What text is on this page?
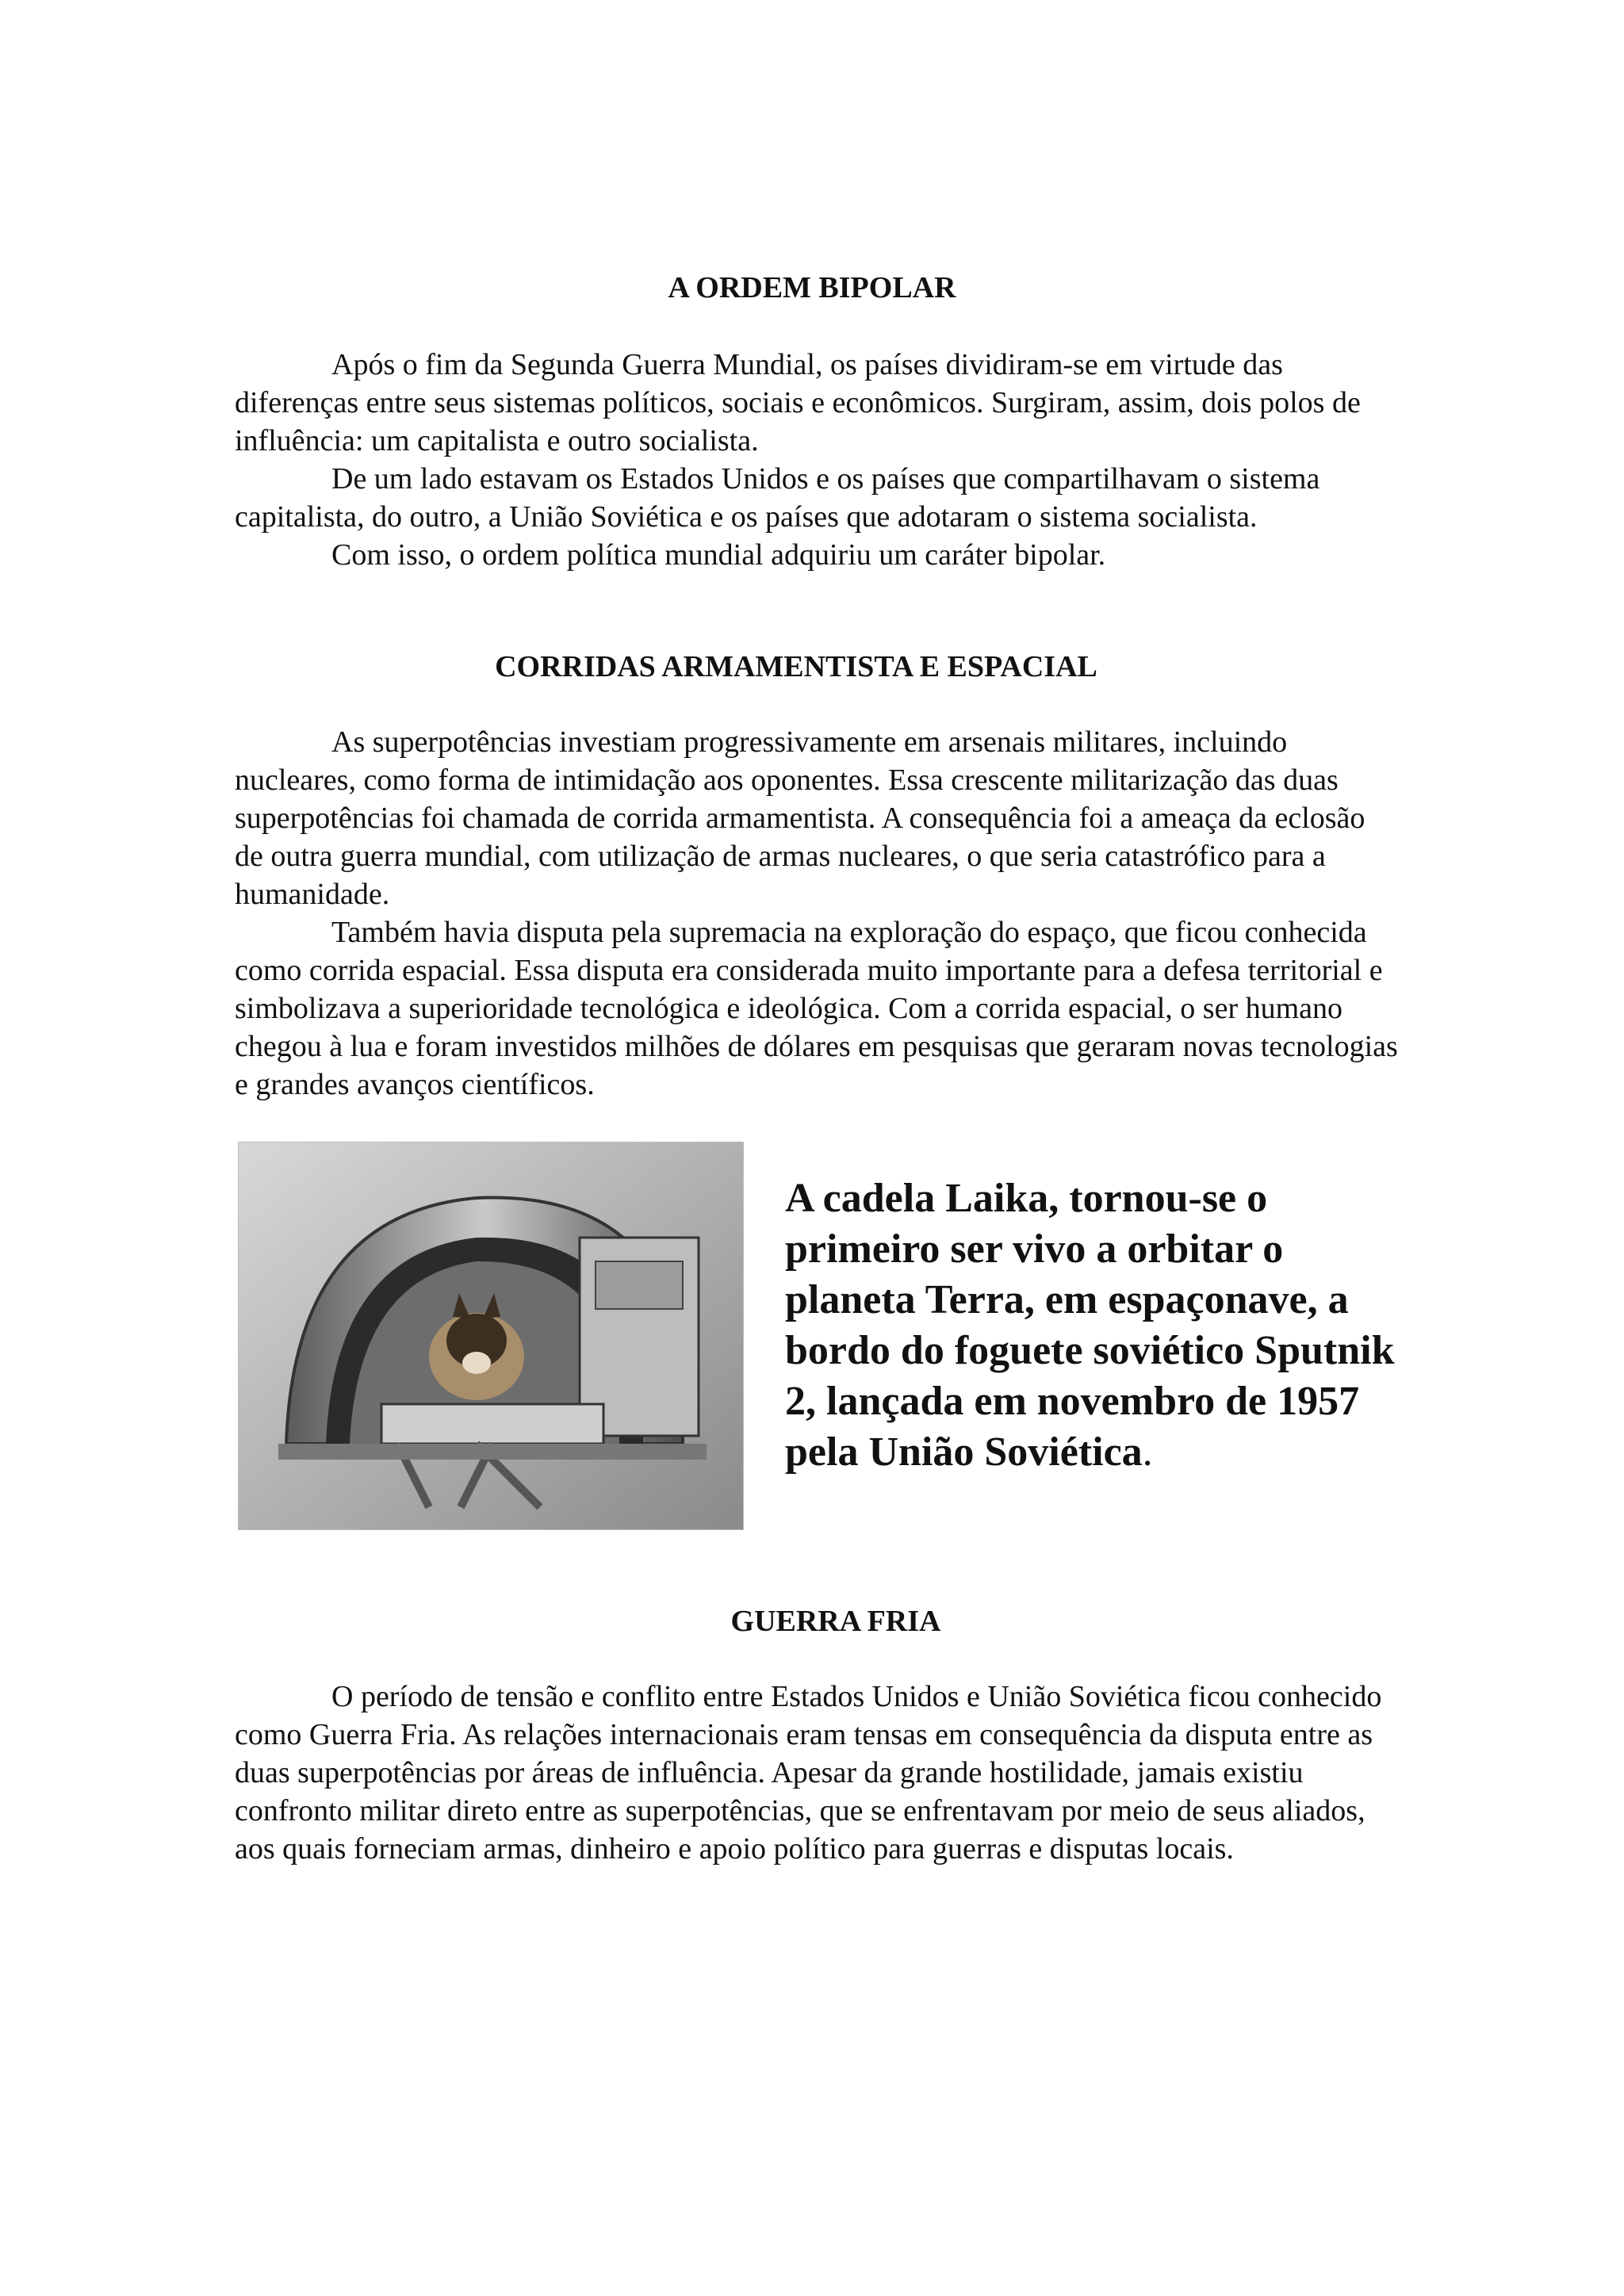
A ORDEM BIPOLAR

Após o fim da Segunda Guerra Mundial, os países dividiram-se em virtude das diferenças entre seus sistemas políticos, sociais e econômicos. Surgiram, assim, dois polos de influência: um capitalista e outro socialista.

De um lado estavam os Estados Unidos e os países que compartilhavam o sistema capitalista, do outro, a União Soviética e os países que adotaram o sistema socialista.

Com isso, o ordem política mundial adquiriu um caráter bipolar.

CORRIDAS ARMAMENTISTA E ESPACIAL

As superpotências investiam progressivamente em arsenais militares, incluindo nucleares, como forma de intimidação aos oponentes. Essa crescente militarização das duas superpotências foi chamada de corrida armamentista. A consequência foi a ameaça da eclosão de outra guerra mundial, com utilização de armas nucleares, o que seria catastrófico para a humanidade.

Também havia disputa pela supremacia na exploração do espaço, que ficou conhecida como corrida espacial. Essa disputa era considerada muito importante para a defesa territorial e simbolizava a superioridade tecnológica e ideológica. Com a corrida espacial, o ser humano chegou à lua e foram investidos milhões de dólares em pesquisas que geraram novas tecnologias e grandes avanços científicos.

A cadela Laika, tornou-se o primeiro ser vivo a orbitar o planeta Terra, em espaçonave, a bordo do foguete soviético Sputnik 2, lançada em novembro de 1957 pela União Soviética.

GUERRA FRIA

O período de tensão e conflito entre Estados Unidos e União Soviética ficou conhecido como Guerra Fria. As relações internacionais eram tensas em consequência da disputa entre as duas superpotências por áreas de influência. Apesar da grande hostilidade, jamais existiu confronto militar direto entre as superpotências, que se enfrentavam por meio de seus aliados, aos quais forneciam armas, dinheiro e apoio político para guerras e disputas locais.
